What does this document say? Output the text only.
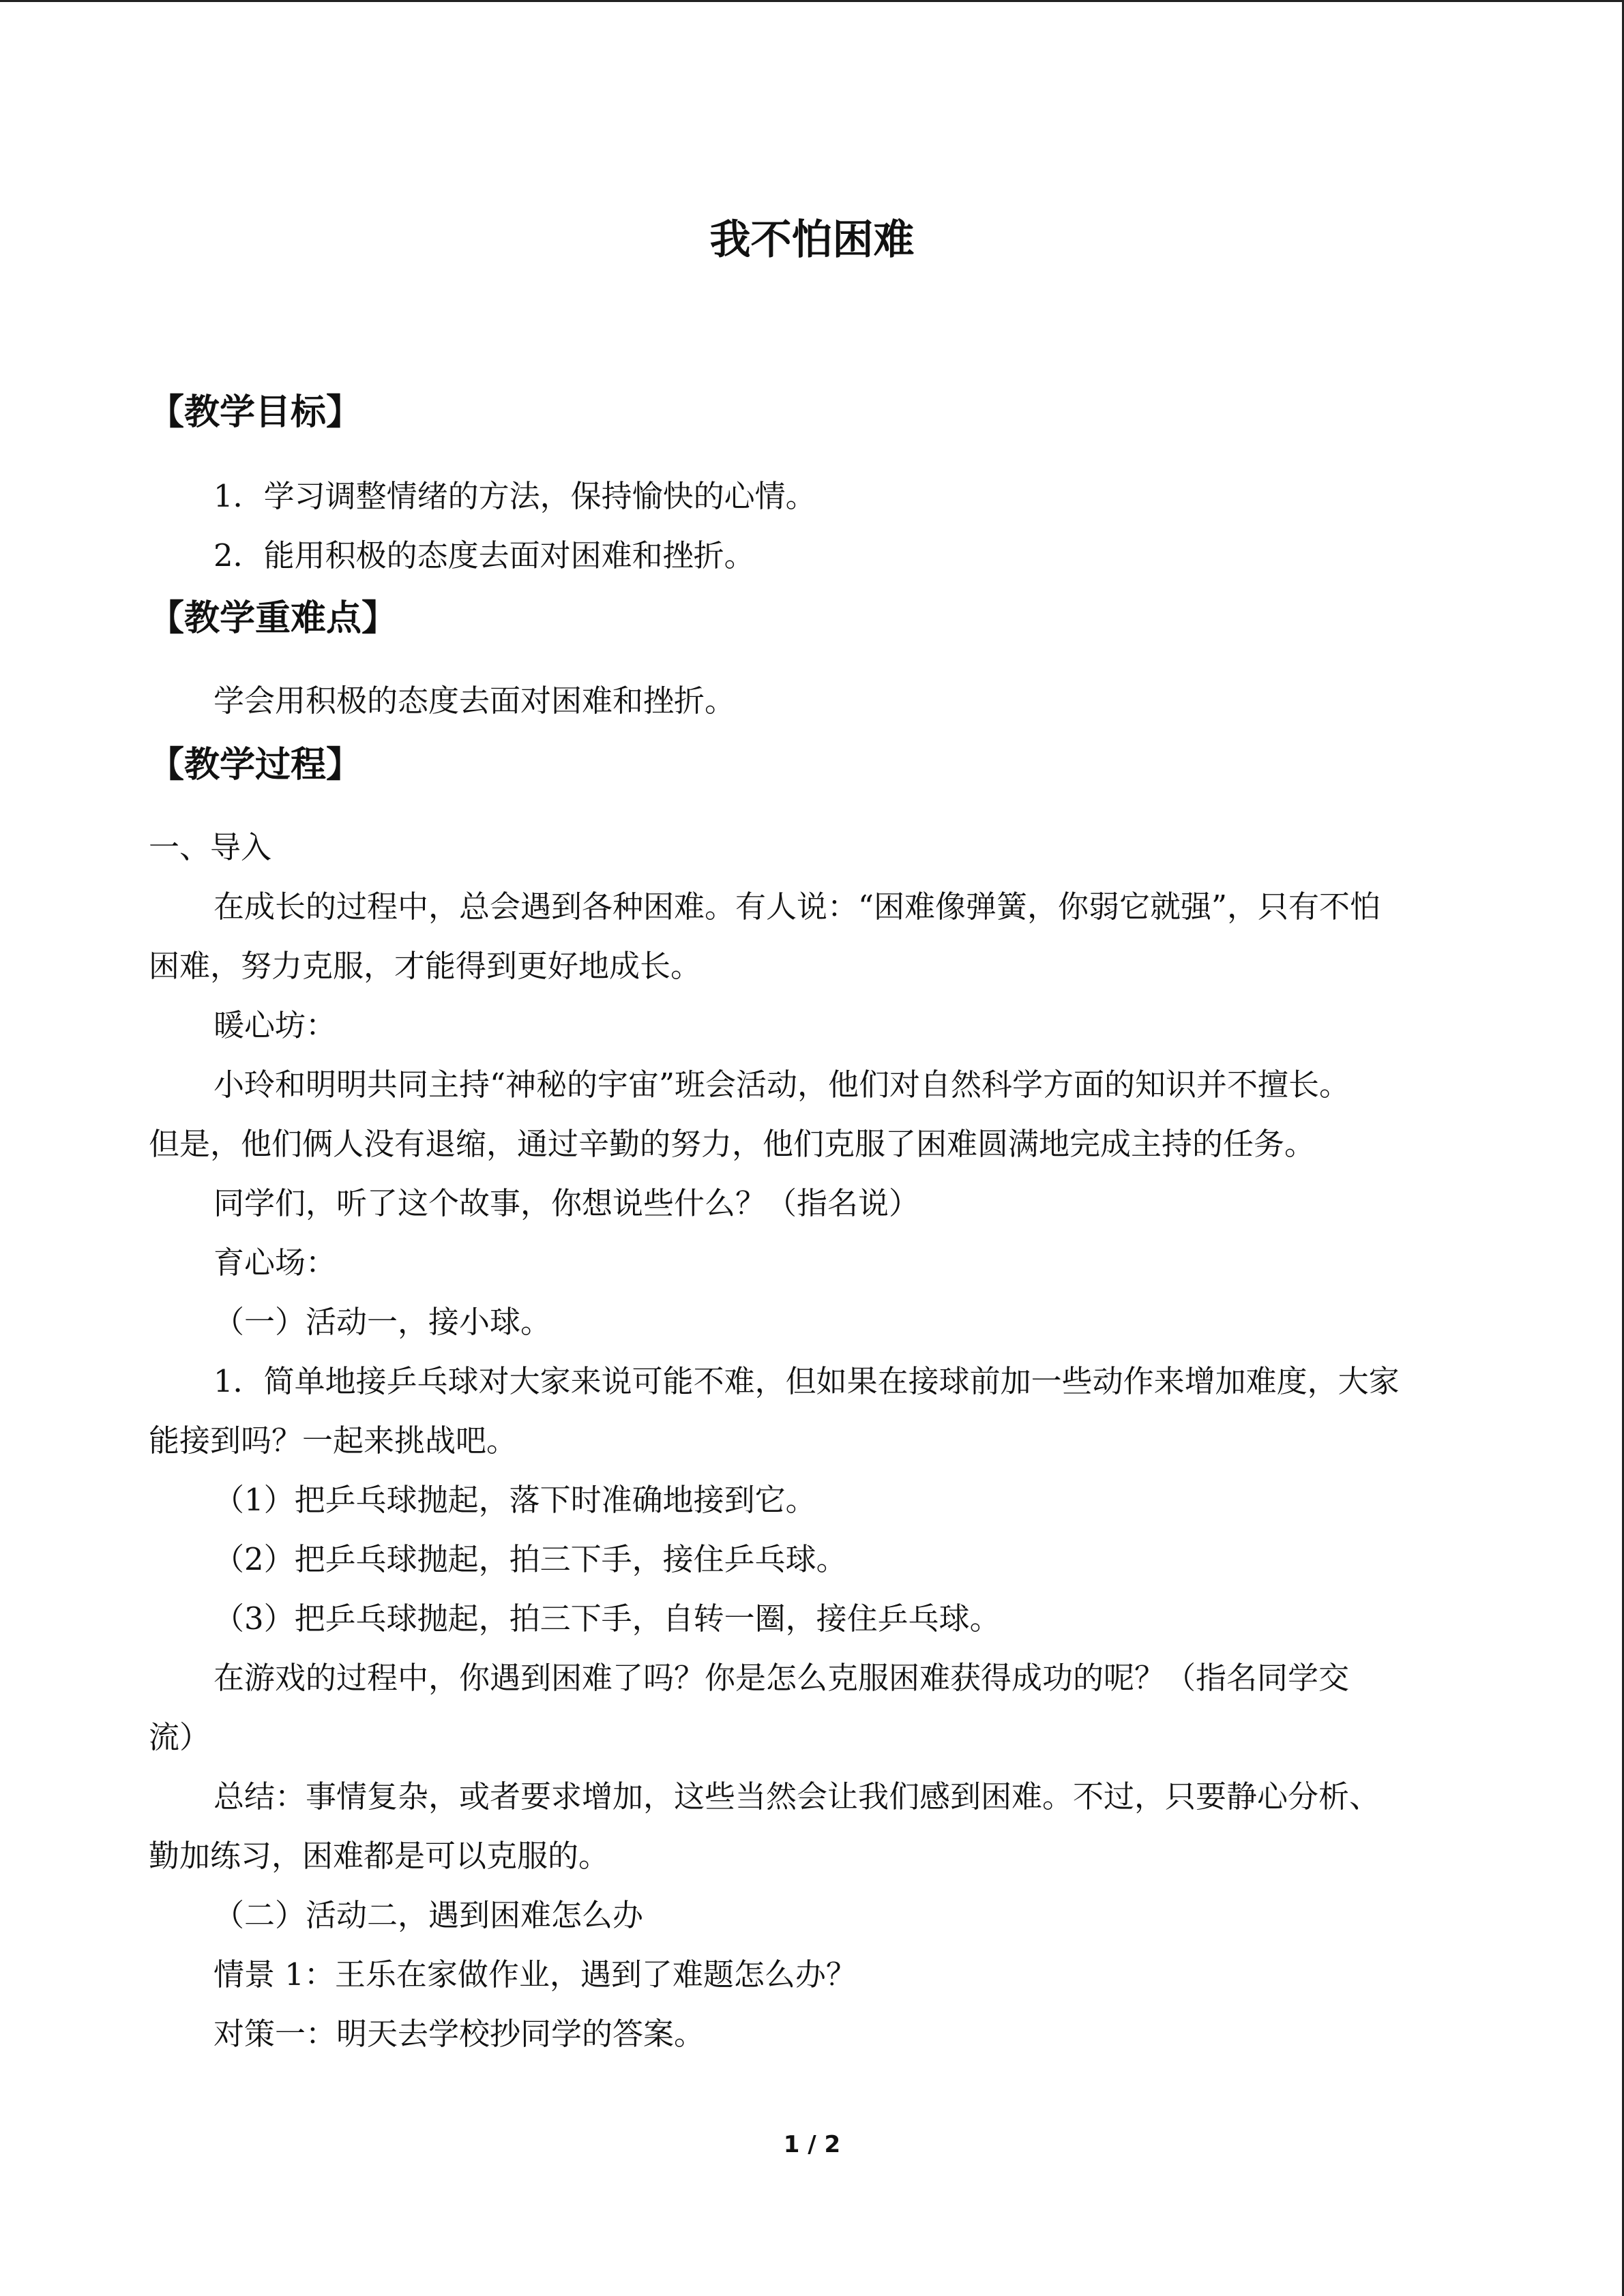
我不怕困难
【教学目标】
1．学习调整情绪的方法，保持愉快的心情。
2．能用积极的态度去面对困难和挫折。
【教学重难点】
学会用积极的态度去面对困难和挫折。
【教学过程】
一、导入
在成长的过程中，总会遇到各种困难。有人说：“困难像弹簧，你弱它就强”，只有不怕
困难，努力克服，才能得到更好地成长。
暖心坊：
小玲和明明共同主持“神秘的宇宙”班会活动，他们对自然科学方面的知识并不擅长。
但是，他们俩人没有退缩，通过辛勤的努力，他们克服了困难圆满地完成主持的任务。
同学们，听了这个故事，你想说些什么？（指名说）
育心场：
（一）活动一，接小球。
1．简单地接乒乓球对大家来说可能不难，但如果在接球前加一些动作来增加难度，大家
能接到吗？一起来挑战吧。
（1）把乒乓球抛起，落下时准确地接到它。
（2）把乒乓球抛起，拍三下手，接住乒乓球。
（3）把乒乓球抛起，拍三下手，自转一圈，接住乒乓球。
在游戏的过程中，你遇到困难了吗？你是怎么克服困难获得成功的呢？（指名同学交
流）
总结：事情复杂，或者要求增加，这些当然会让我们感到困难。不过，只要静心分析、
勤加练习，困难都是可以克服的。
（二）活动二，遇到困难怎么办
情景 1：王乐在家做作业，遇到了难题怎么办？
对策一：明天去学校抄同学的答案。
1 / 2
